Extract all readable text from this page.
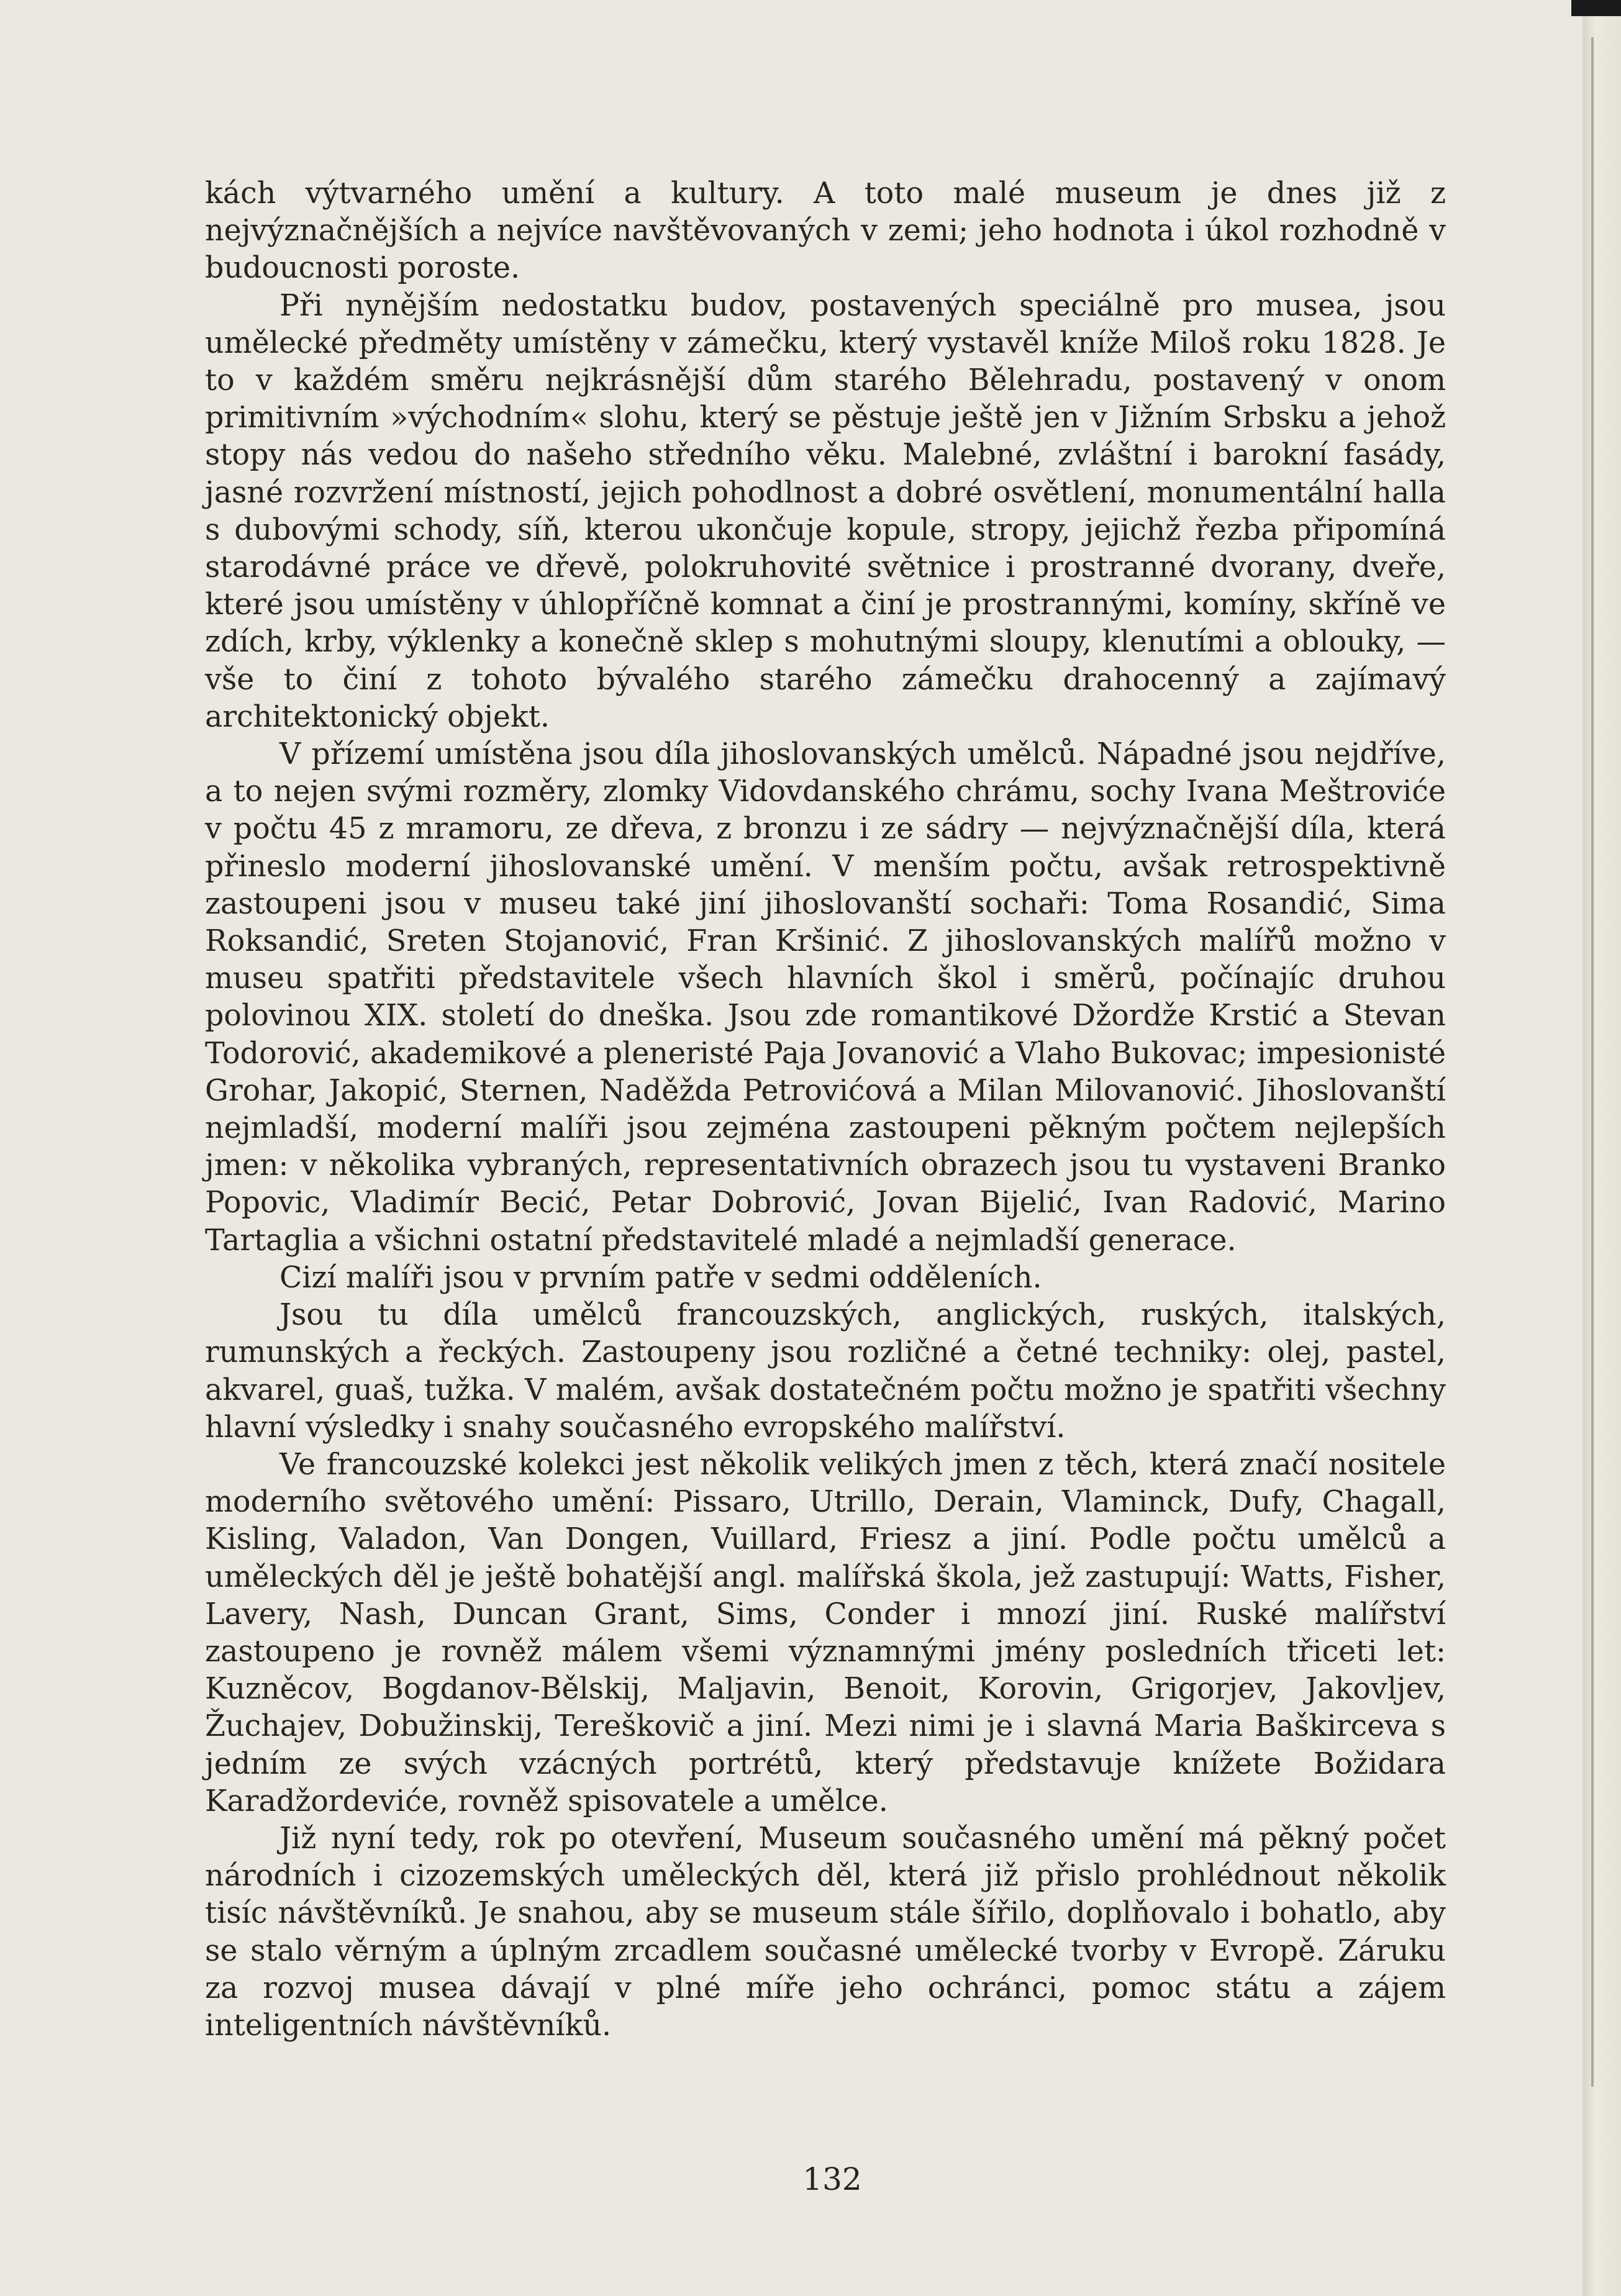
kách výtvarného umění a kultury. A toto malé museum je dnes již z nejvýznačnějších a nejvíce navštěvovaných v zemi; jeho hodnota i úkol rozhodně v budoucnosti poroste.

Při nynějším nedostatku budov, postavených speciálně pro musea, jsou umělecké předměty umístěny v zámečku, který vystavěl kníže Miloš roku 1828. Je to v každém směru nejkrásnější dům starého Bělehradu, postavený v onom primitivním »východním« slohu, který se pěstuje ještě jen v Jižním Srbsku a jehož stopy nás vedou do našeho středního věku. Malebné, zvláštní i barokní fasády, jasné rozvržení místností, jejich pohodlnost a dobré osvětlení, monumentální halla s dubovými schody, síň, kterou ukončuje kopule, stropy, jejichž řezba připomíná starodávné práce ve dřevě, polokruhovité světnice i prostranné dvorany, dveře, které jsou umístěny v úhlopříčně komnat a činí je prostrannými, komíny, skříně ve zdích, krby, výklenky a konečně sklep s mohutnými sloupy, klenutími a oblouky, — vše to činí z tohoto bývalého starého zámečku drahocenný a zajímavý architektonický objekt.

V přízemí umístěna jsou díla jihoslovanských umělců. Nápadné jsou nejdříve, a to nejen svými rozměry, zlomky Vidovdanského chrámu, sochy Ivana Meštroviće v počtu 45 z mramoru, ze dřeva, z bronzu i ze sádry — nejvýznačnější díla, která přineslo moderní jihoslovanské umění. V menším počtu, avšak retrospektivně zastoupeni jsou v museu také jiní jihoslovanští sochaři: Toma Rosandić, Sima Roksandić, Sreten Stojanović, Fran Kršinić. Z jihoslovanských malířů možno v museu spatřiti představitele všech hlavních škol i směrů, počínajíc druhou polovinou XIX. století do dneška. Jsou zde romantikové Džordže Krstić a Stevan Todorović, akademikové a pleneristé Paja Jovanović a Vlaho Bukovac; impesionisté Grohar, Jakopić, Sternen, Naděžda Petrovićová a Milan Milovanović. Jihoslovanští nejmladší, moderní malíři jsou zejména zastoupeni pěkným počtem nejlepších jmen: v několika vybraných, representativních obrazech jsou tu vystaveni Branko Popovic, Vladimír Becić, Petar Dobrović, Jovan Bijelić, Ivan Radović, Marino Tartaglia a všichni ostatní představitelé mladé a nejmladší generace.

Cizí malíři jsou v prvním patře v sedmi odděleních.

Jsou tu díla umělců francouzských, anglických, ruských, italských, rumunských a řeckých. Zastoupeny jsou rozličné a četné techniky: olej, pastel, akvarel, guaš, tužka. V malém, avšak dostatečném počtu možno je spatřiti všechny hlavní výsledky i snahy současného evropského malířství.

Ve francouzské kolekci jest několik velikých jmen z těch, která značí nositele moderního světového umění: Pissaro, Utrillo, Derain, Vlaminck, Dufy, Chagall, Kisling, Valadon, Van Dongen, Vuillard, Friesz a jiní. Podle počtu umělců a uměleckých děl je ještě bohatější angl. malířská škola, jež zastupují: Watts, Fisher, Lavery, Nash, Duncan Grant, Sims, Conder i mnozí jiní. Ruské malířství zastoupeno je rovněž málem všemi významnými jmény posledních třiceti let: Kuzněcov, Bogdanov-Bělskij, Maljavin, Benoit, Korovin, Grigorjev, Jakovljev, Žuchajev, Dobužinskij, Tereškovič a jiní. Mezi nimi je i slavná Maria Baškirceva s jedním ze svých vzácných portrétů, který představuje knížete Božidara Karadžordeviće, rovněž spisovatele a umělce.

Již nyní tedy, rok po otevření, Museum současného umění má pěkný počet národních i cizozemských uměleckých děl, která již přislo prohlédnout několik tisíc návštěvníků. Je snahou, aby se museum stále šířilo, doplňovalo i bohatlo, aby se stalo věrným a úplným zrcadlem současné umělecké tvorby v Evropě. Záruku za rozvoj musea dávají v plné míře jeho ochránci, pomoc státu a zájem inteligentních návštěvníků.

132
